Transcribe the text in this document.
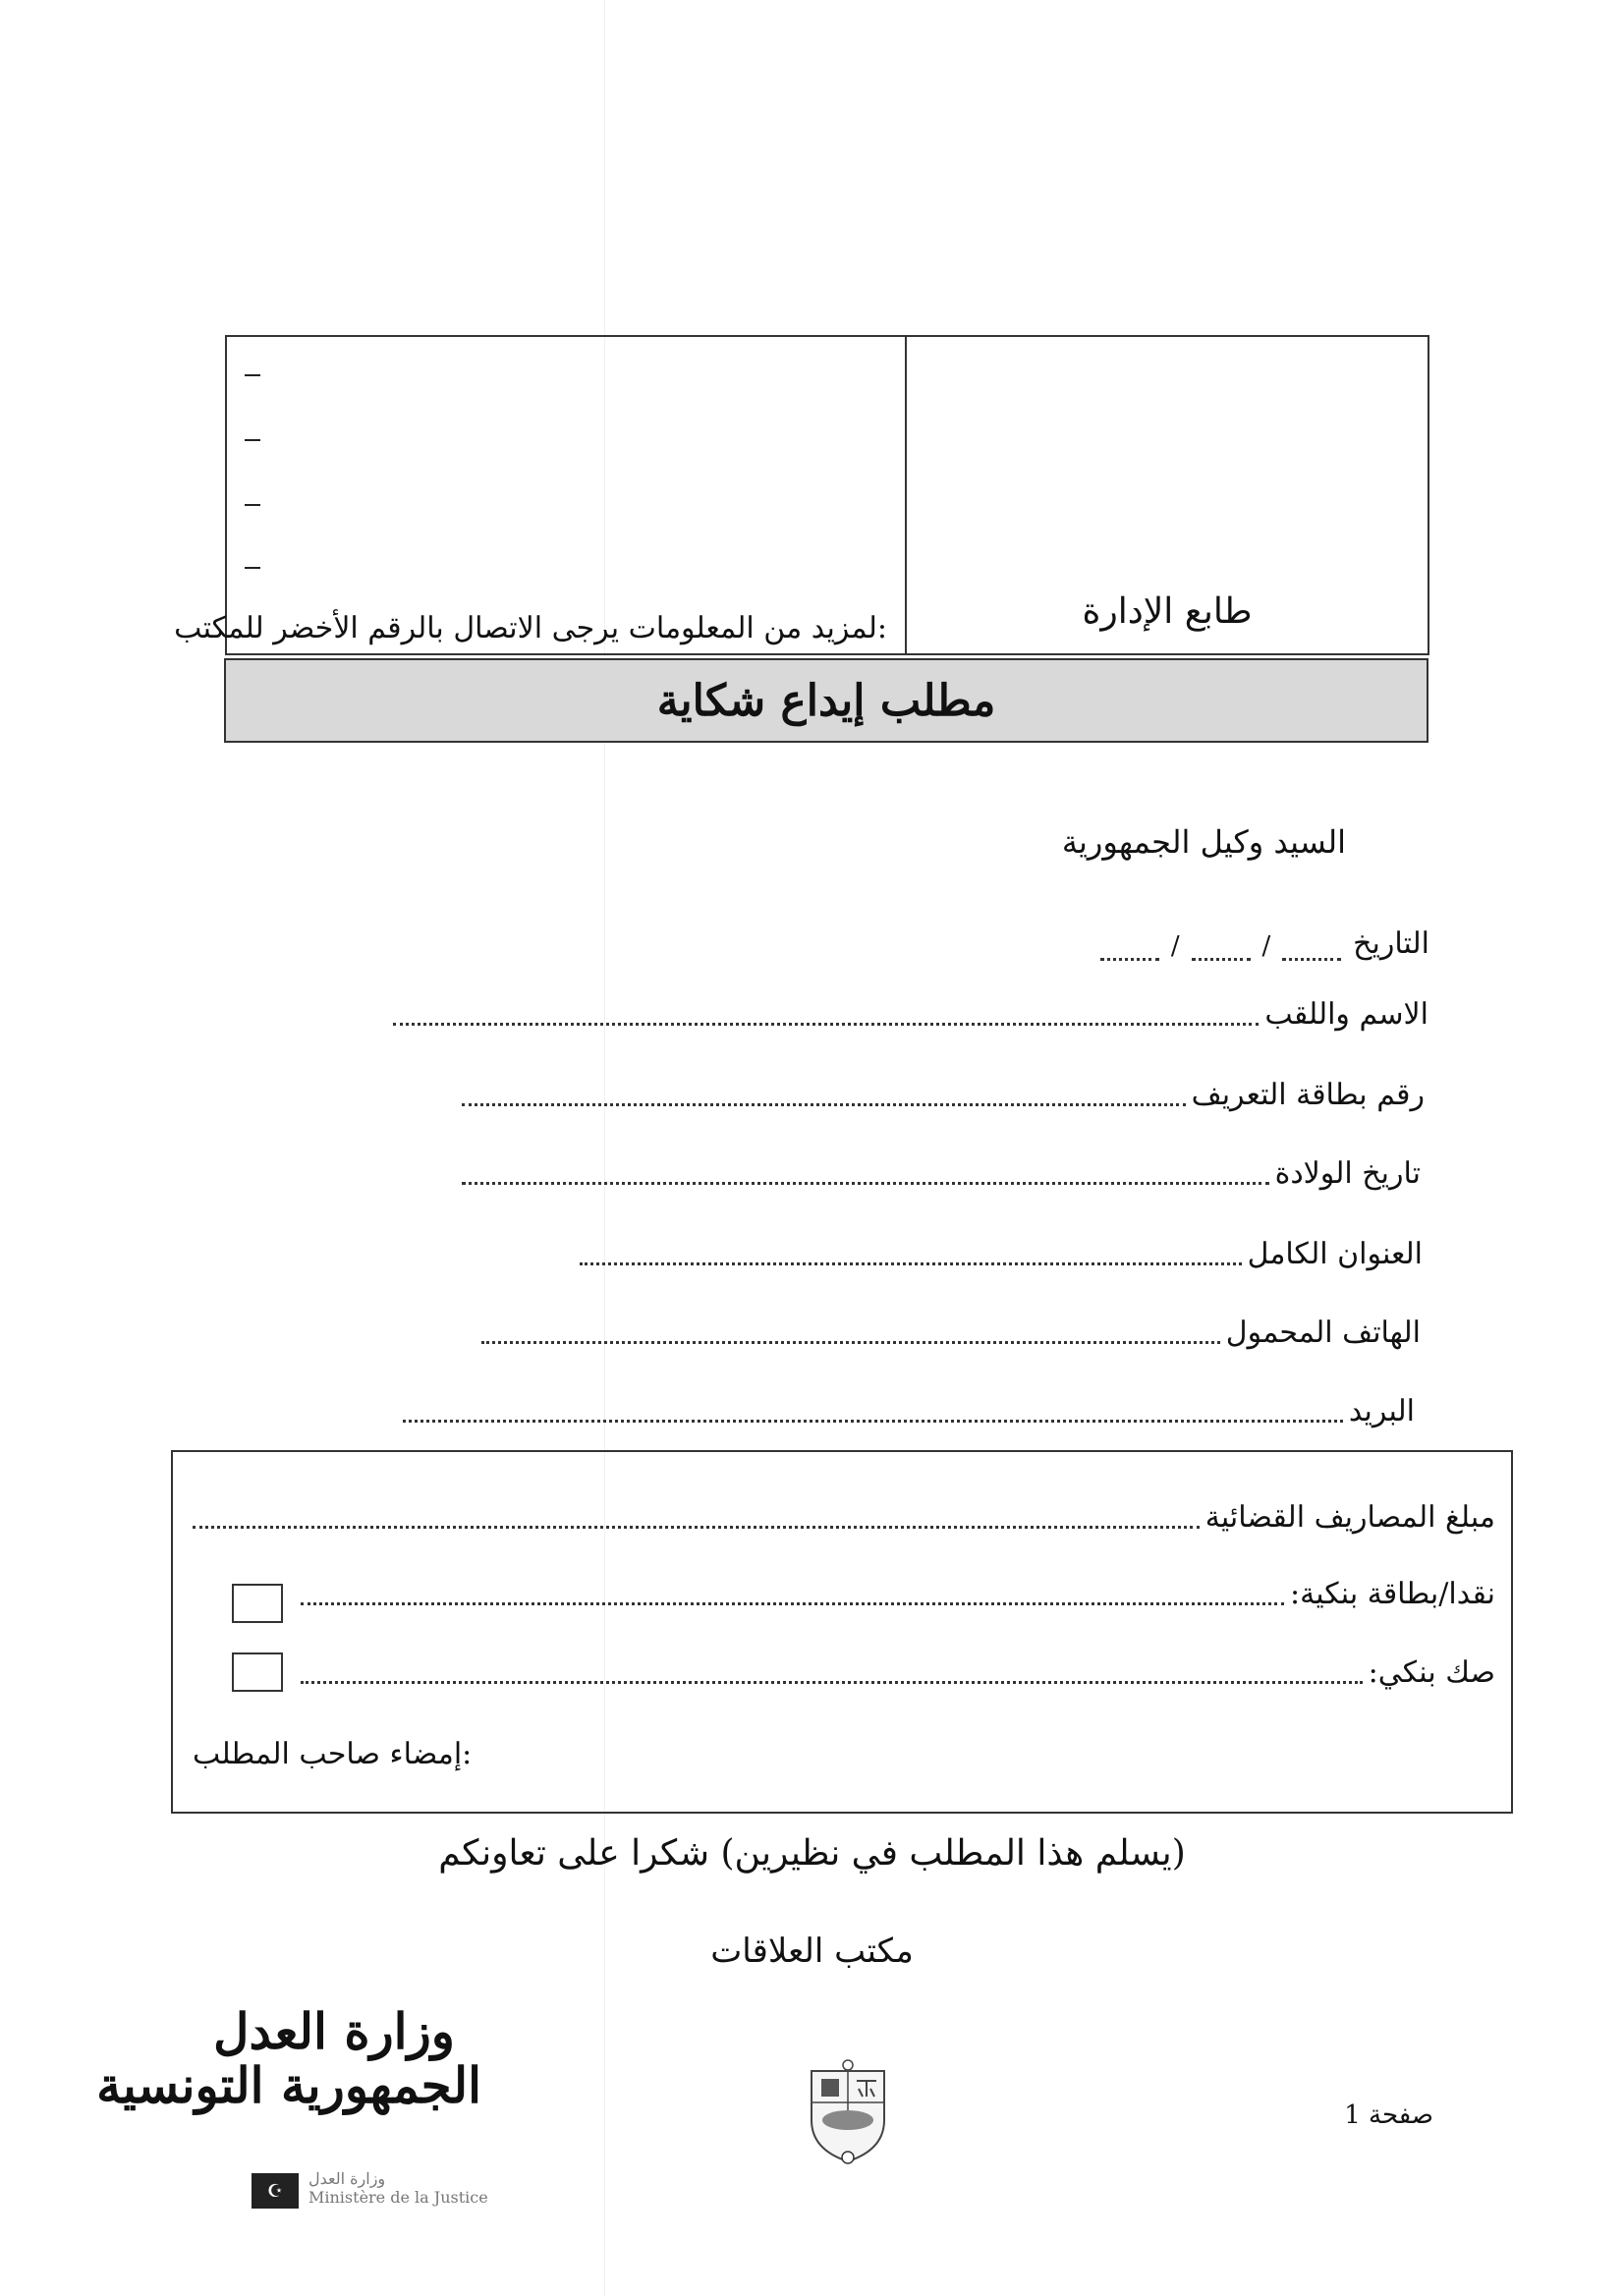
:لمزيد من المعلومات يرجى الاتصال بالرقم الأخضر للمكتب	طابع الإدارة
مطلب إيداع شكاية
السيد وكيل الجمهورية
التاريخ
/
/
الاسم واللقب
رقم بطاقة التعريف
تاريخ الولادة
العنوان الكامل
الهاتف المحمول
البريد
مبلغ المصاريف القضائية
نقدا/بطاقة بنكية:
صك بنكي:
:إمضاء صاحب المطلب
(يسلم هذا المطلب في نظيرين) شكرا على تعاونكم
مكتب العلاقات
صفحة 1
وزارة العدل
الجمهورية التونسية
☪
وزارة العدل
Ministère de la Justice
